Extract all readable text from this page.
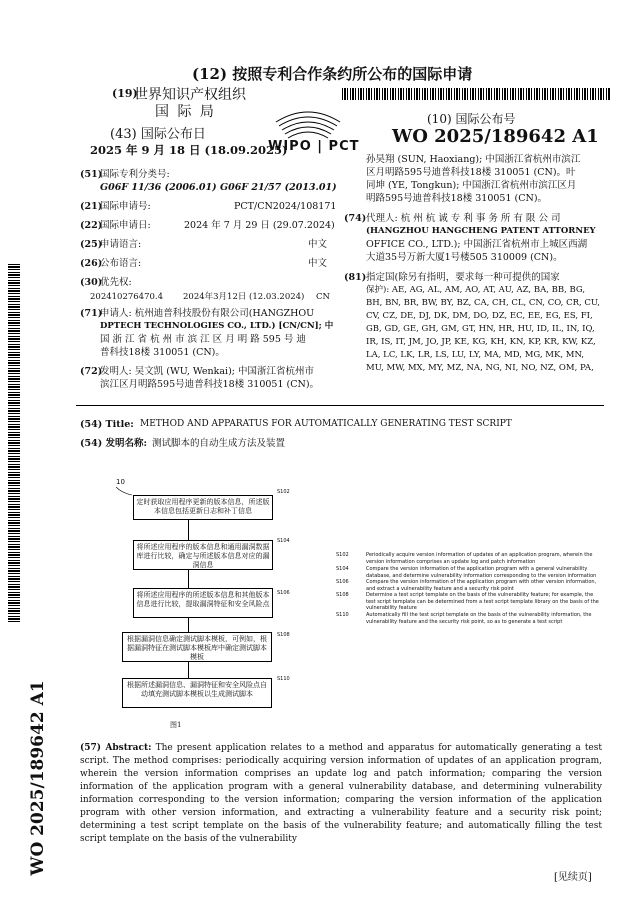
(12) 按照专利合作条约所公布的国际申请
(19)
世界知识产权组织
国 际 局
(43) 国际公布日
2025 年 9 月 18 日 (18.09.2025)
WIPO | PCT
(10) 国际公布号
WO 2025/189642 A1
(51)
国际专利分类号:
G06F 11/36 (2006.01) G06F 21/57 (2013.01)
(21)
国际申请号:	PCT/CN2024/108171
(22)
国际申请日:	2024 年 7 月 29 日 (29.07.2024)
(25)
申请语言:	中文
(26)
公布语言:	中文
(30)
优先权:
202410276470.4 2024年3月12日 (12.03.2024) CN
(71)
申请人: 杭州迪普科技股份有限公司(HANGZHOU
DPTECH TECHNOLOGIES CO., LTD.) [CN/CN]; 中
国 浙 江 省 杭 州 市 滨 江 区 月 明 路 595 号 迪
普科技18楼 310051 (CN)。
(72)
发明人: 吴文凯 (WU, Wenkai); 中国浙江省杭州市
滨江区月明路595号迪普科技18楼 310051 (CN)。
孙昊翔 (SUN, Haoxiang); 中国浙江省杭州市滨江
区月明路595号迪普科技18楼 310051 (CN)。叶
同坤 (YE, Tongkun); 中国浙江省杭州市滨江区月
明路595号迪普科技18楼 310051 (CN)。
(74) 代理人: 杭 州 杭 诚 专 利 事 务 所 有 限 公 司
(HANGZHOU HANGCHENG PATENT ATTORNEY
OFFICE CO., LTD.); 中国浙江省杭州市上城区西湖
大道35号万新大厦1号楼505 310009 (CN)。
(81) 指定国(除另有指明，要求每一种可提供的国家
保护): AE, AG, AL, AM, AO, AT, AU, AZ, BA, BB, BG,
BH, BN, BR, BW, BY, BZ, CA, CH, CL, CN, CO, CR, CU,
CV, CZ, DE, DJ, DK, DM, DO, DZ, EC, EE, EG, ES, FI,
GB, GD, GE, GH, GM, GT, HN, HR, HU, ID, IL, IN, IQ,
IR, IS, IT, JM, JO, JP, KE, KG, KH, KN, KP, KR, KW, KZ,
LA, LC, LK, LR, LS, LU, LY, MA, MD, MG, MK, MN,
MU, MW, MX, MY, MZ, NA, NG, NI, NO, NZ, OM, PA,
(54) Title: METHOD AND APPARATUS FOR AUTOMATICALLY GENERATING TEST SCRIPT
(54) 发明名称: 测试脚本的自动生成方法及装置
WO 2025/189642 A1
10
定时获取应用程序更新的版本信息，所述版本信息包括更新日志和补丁信息
S102
将所述应用程序的版本信息和通用漏洞数据库进行比较，确定与所述版本信息对应的漏洞信息
S104
将所述应用程序的所述版本信息和其他版本信息进行比较，提取漏洞特征和安全风险点
S106
根据漏洞信息确定测试脚本模板，可例如，根据漏洞特征在测试脚本模板库中确定测试脚本模板
S108
根据所述漏洞信息、漏洞特征和安全风险点自动填充测试脚本模板以生成测试脚本
S110
图1
S102	Periodically acquire version information of updates of an application program, wherein the version information comprises an update log and patch information
S104	Compare the version information of the application program with a general vulnerability database, and determine vulnerability information corresponding to the version information
S106	Compare the version information of the application program with other version information, and extract a vulnerability feature and a security risk point
S108	Determine a test script template on the basis of the vulnerability feature; for example, the test script template can be determined from a test script template library on the basis of the vulnerability feature
S110	Automatically fill the test script template on the basis of the vulnerability information, the vulnerability feature and the security risk point, so as to generate a test script
(57) Abstract: The present application relates to a method and apparatus for automatically generating a test script. The method comprises: periodically acquiring version information of updates of an application program, wherein the version information comprises an update log and patch information; comparing the version information of the application program with a general vulnerability database, and determining vulnerability information corresponding to the version information; comparing the version information of the application program with other version information, and extracting a vulnerability feature and a security risk point; determining a test script template on the basis of the vulnerability feature; and automatically filling the test script template on the basis of the vulnerability
[见续页]
